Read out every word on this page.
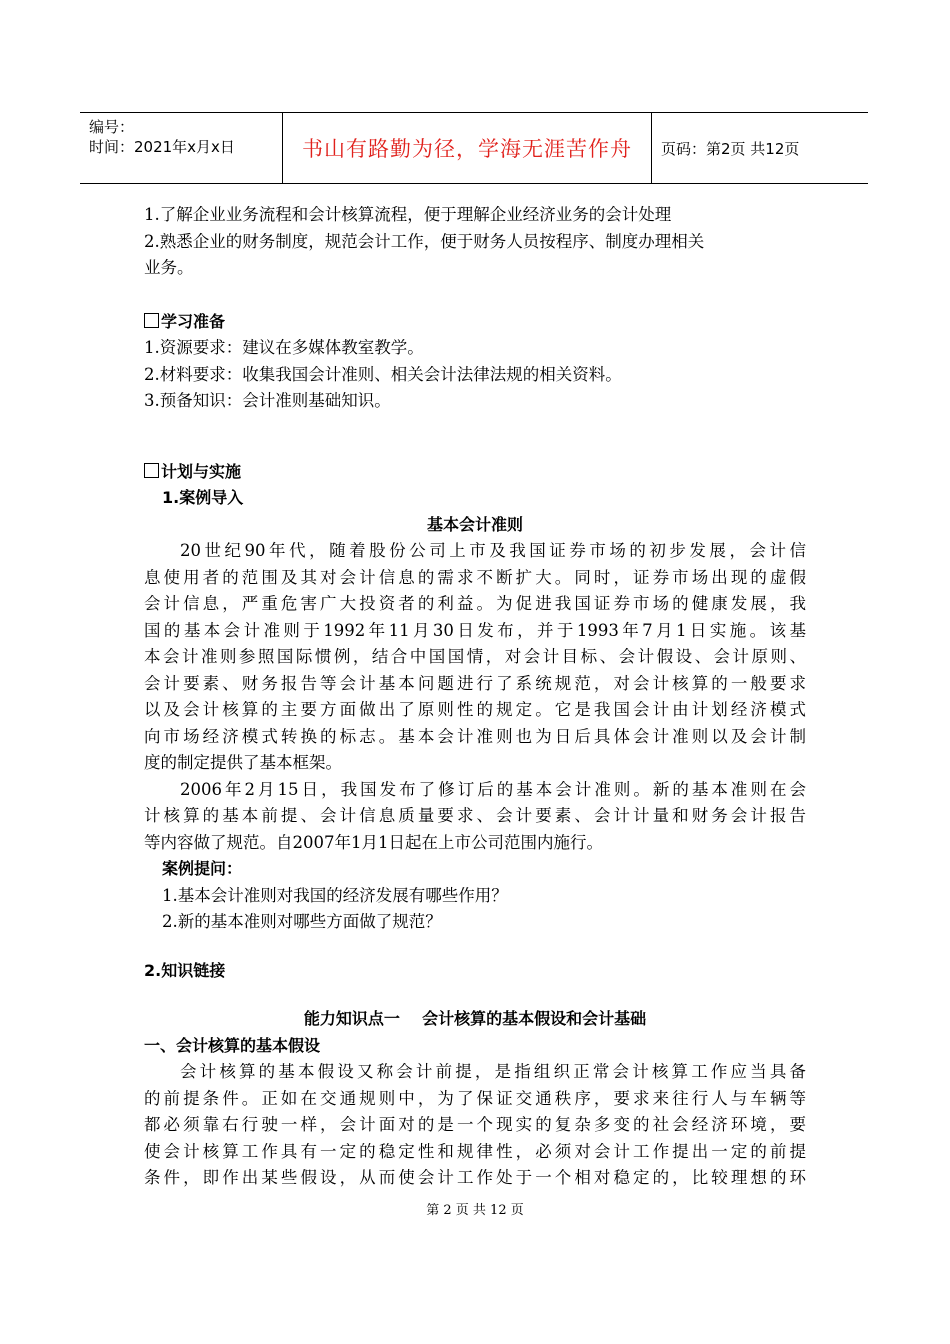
编号：
时间：2021年x月x日	书山有路勤为径，学海无涯苦作舟 页码：第2页 共12页
1.了解企业业务流程和会计核算流程，便于理解企业经济业务的会计处理
2.熟悉企业的财务制度，规范会计工作，便于财务人员按程序、制度办理相关
业务。
学习准备
1.资源要求：建议在多媒体教室教学。
2.材料要求：收集我国会计准则、相关会计法律法规的相关资料。
3.预备知识：会计准则基础知识。
计划与实施
1.案例导入
基本会计准则
20世纪90年代，随着股份公司上市及我国证券市场的初步发展，会计信
息使用者的范围及其对会计信息的需求不断扩大。同时，证券市场出现的虚假
会计信息，严重危害广大投资者的利益。为促进我国证券市场的健康发展，我
国的基本会计准则于1992年11月30日发布，并于1993年7月1日实施。该基
本会计准则参照国际惯例，结合中国国情，对会计目标、会计假设、会计原则、
会计要素、财务报告等会计基本问题进行了系统规范，对会计核算的一般要求
以及会计核算的主要方面做出了原则性的规定。它是我国会计由计划经济模式
向市场经济模式转换的标志。基本会计准则也为日后具体会计准则以及会计制
度的制定提供了基本框架。
2006年2月15日，我国发布了修订后的基本会计准则。新的基本准则在会
计核算的基本前提、会计信息质量要求、会计要素、会计计量和财务会计报告
等内容做了规范。自2007年1月1日起在上市公司范围内施行。
案例提问：
1.基本会计准则对我国的经济发展有哪些作用？
2.新的基本准则对哪些方面做了规范？
2.知识链接
能力知识点一    会计核算的基本假设和会计基础
一、会计核算的基本假设
会计核算的基本假设又称会计前提，是指组织正常会计核算工作应当具备
的前提条件。正如在交通规则中，为了保证交通秩序，要求来往行人与车辆等
都必须靠右行驶一样，会计面对的是一个现实的复杂多变的社会经济环境，要
使会计核算工作具有一定的稳定性和规律性，必须对会计工作提出一定的前提
条件，即作出某些假设，从而使会计工作处于一个相对稳定的，比较理想的环
第 2 页 共 12 页
